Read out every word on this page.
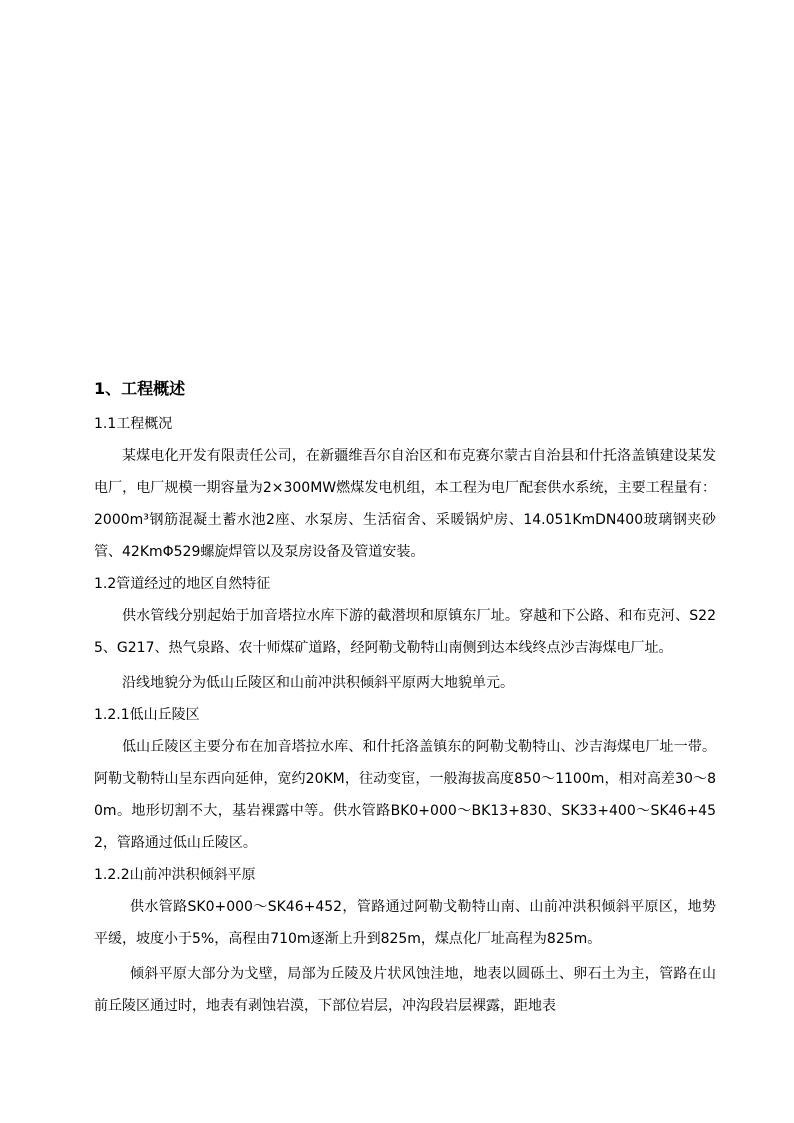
1、工程概述
1.1工程概况

某煤电化开发有限责任公司，在新疆维吾尔自治区和布克赛尔蒙古自治县和什托洛盖镇建设某发电厂，电厂规模一期容量为2×300MW燃煤发电机组，本工程为电厂配套供水系统，主要工程量有：2000m³钢筋混凝土蓄水池2座、水泵房、生活宿舍、采暖锅炉房、14.051KmDN400玻璃钢夹砂管、42KmΦ529螺旋焊管以及泵房设备及管道安装。

1.2管道经过的地区自然特征

供水管线分别起始于加音塔拉水库下游的截潜坝和原镇东厂址。穿越和下公路、和布克河、S225、G217、热气泉路、农十师煤矿道路，经阿勒戈勒特山南侧到达本线终点沙吉海煤电厂址。

沿线地貌分为低山丘陵区和山前冲洪积倾斜平原两大地貌单元。

1.2.1低山丘陵区

低山丘陵区主要分布在加音塔拉水库、和什托洛盖镇东的阿勒戈勒特山、沙吉海煤电厂址一带。阿勒戈勒特山呈东西向延伸，宽约20KM，往动变宦，一般海拔高度850～1100m，相对高差30～80m。地形切割不大，基岩裸露中等。供水管路BK0+000～BK13+830、SK33+400～SK46+452，管路通过低山丘陵区。

1.2.2山前冲洪积倾斜平原

供水管路SK0+000～SK46+452，管路通过阿勒戈勒特山南、山前冲洪积倾斜平原区，地势平缓，坡度小于5%，高程由710m逐渐上升到825m，煤点化厂址高程为825m。

倾斜平原大部分为戈壁，局部为丘陵及片状风蚀洼地，地表以圆砾土、卵石土为主，管路在山前丘陵区通过时，地表有剥蚀岩漠，下部位岩层，冲沟段岩层裸露，距地表
